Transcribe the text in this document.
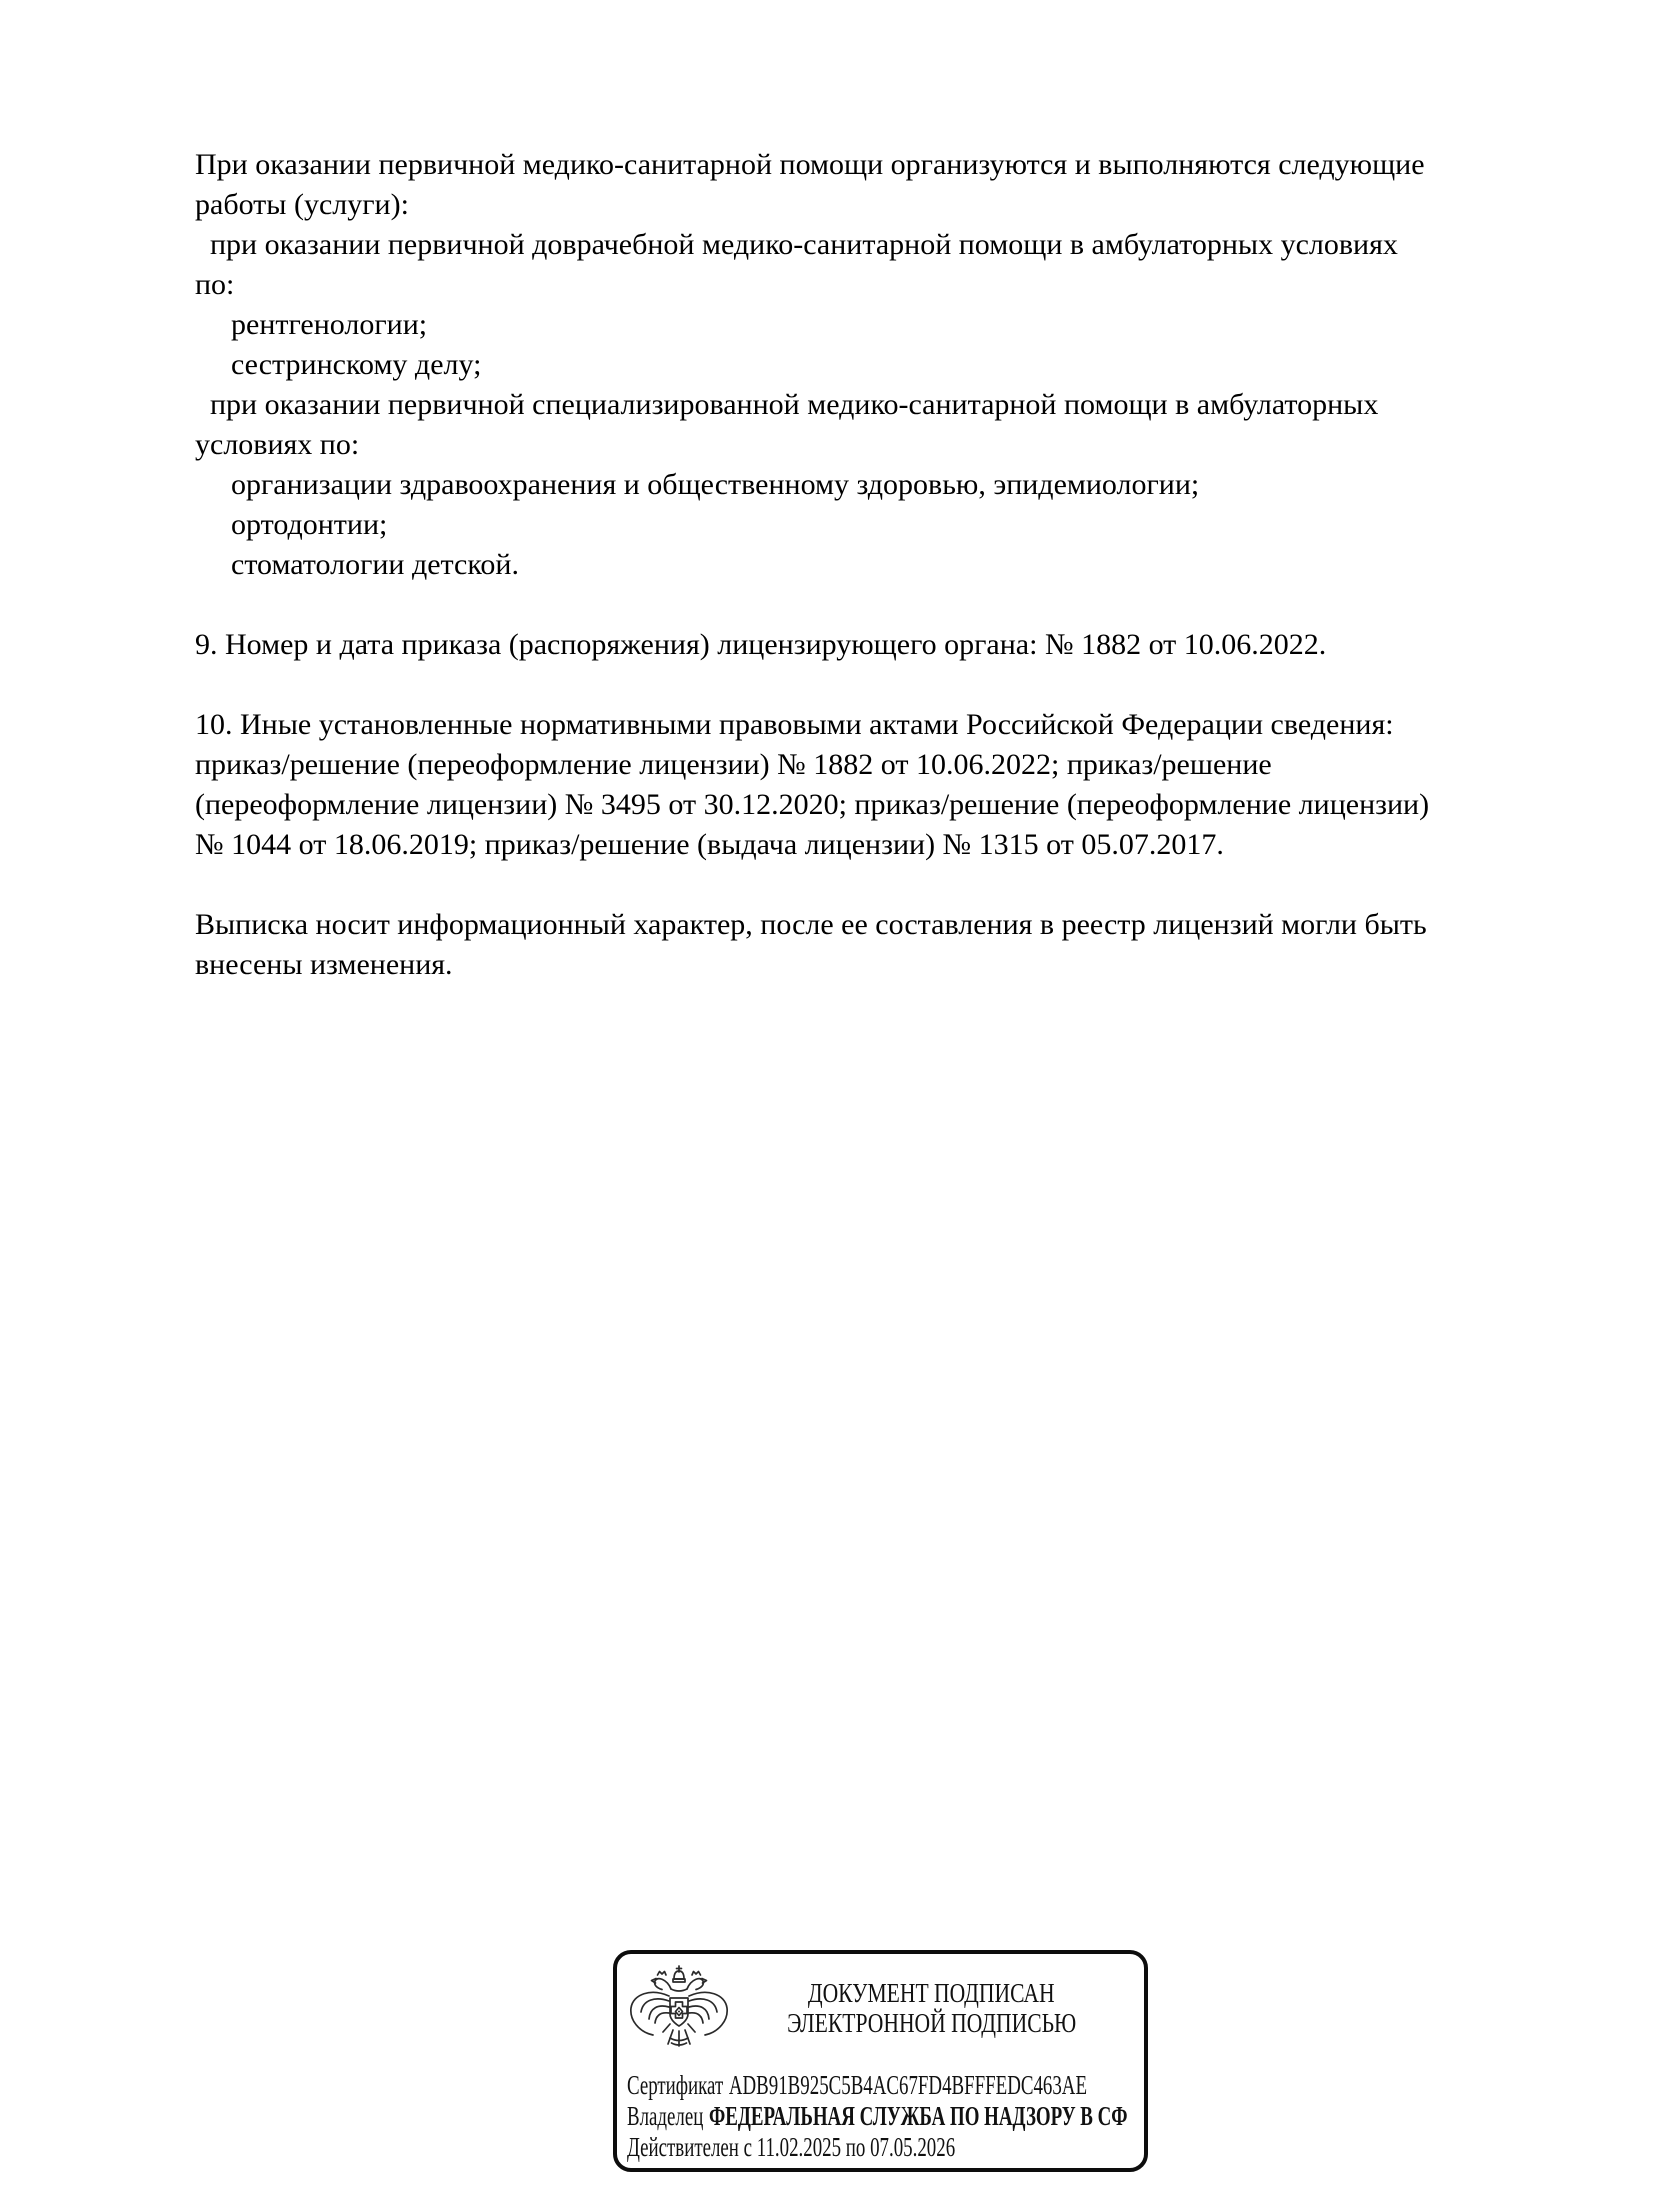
При оказании первичной медико-санитарной помощи организуются и выполняются следующие
работы (услуги):
при оказании первичной доврачебной медико-санитарной помощи в амбулаторных условиях
по:
рентгенологии;
сестринскому делу;
при оказании первичной специализированной медико-санитарной помощи в амбулаторных
условиях по:
организации здравоохранения и общественному здоровью, эпидемиологии;
ортодонтии;
стоматологии детской.
9. Номер и дата приказа (распоряжения) лицензирующего органа: № 1882 от 10.06.2022.
10. Иные установленные нормативными правовыми актами Российской Федерации сведения:
приказ/решение (переоформление лицензии) № 1882 от 10.06.2022; приказ/решение
(переоформление лицензии) № 3495 от 30.12.2020; приказ/решение (переоформление лицензии)
№ 1044 от 18.06.2019; приказ/решение (выдача лицензии) № 1315 от 05.07.2017.
Выписка носит информационный характер, после ее составления в реестр лицензий могли быть
внесены изменения.
ДОКУМЕНТ ПОДПИСАН
ЭЛЕКТРОННОЙ ПОДПИСЬЮ
Сертификат ADB91B925C5B4AC67FD4BFFFEDC463AE
Владелец ФЕДЕРАЛЬНАЯ СЛУЖБА ПО НАДЗОРУ В СФ
Действителен с 11.02.2025 по 07.05.2026
